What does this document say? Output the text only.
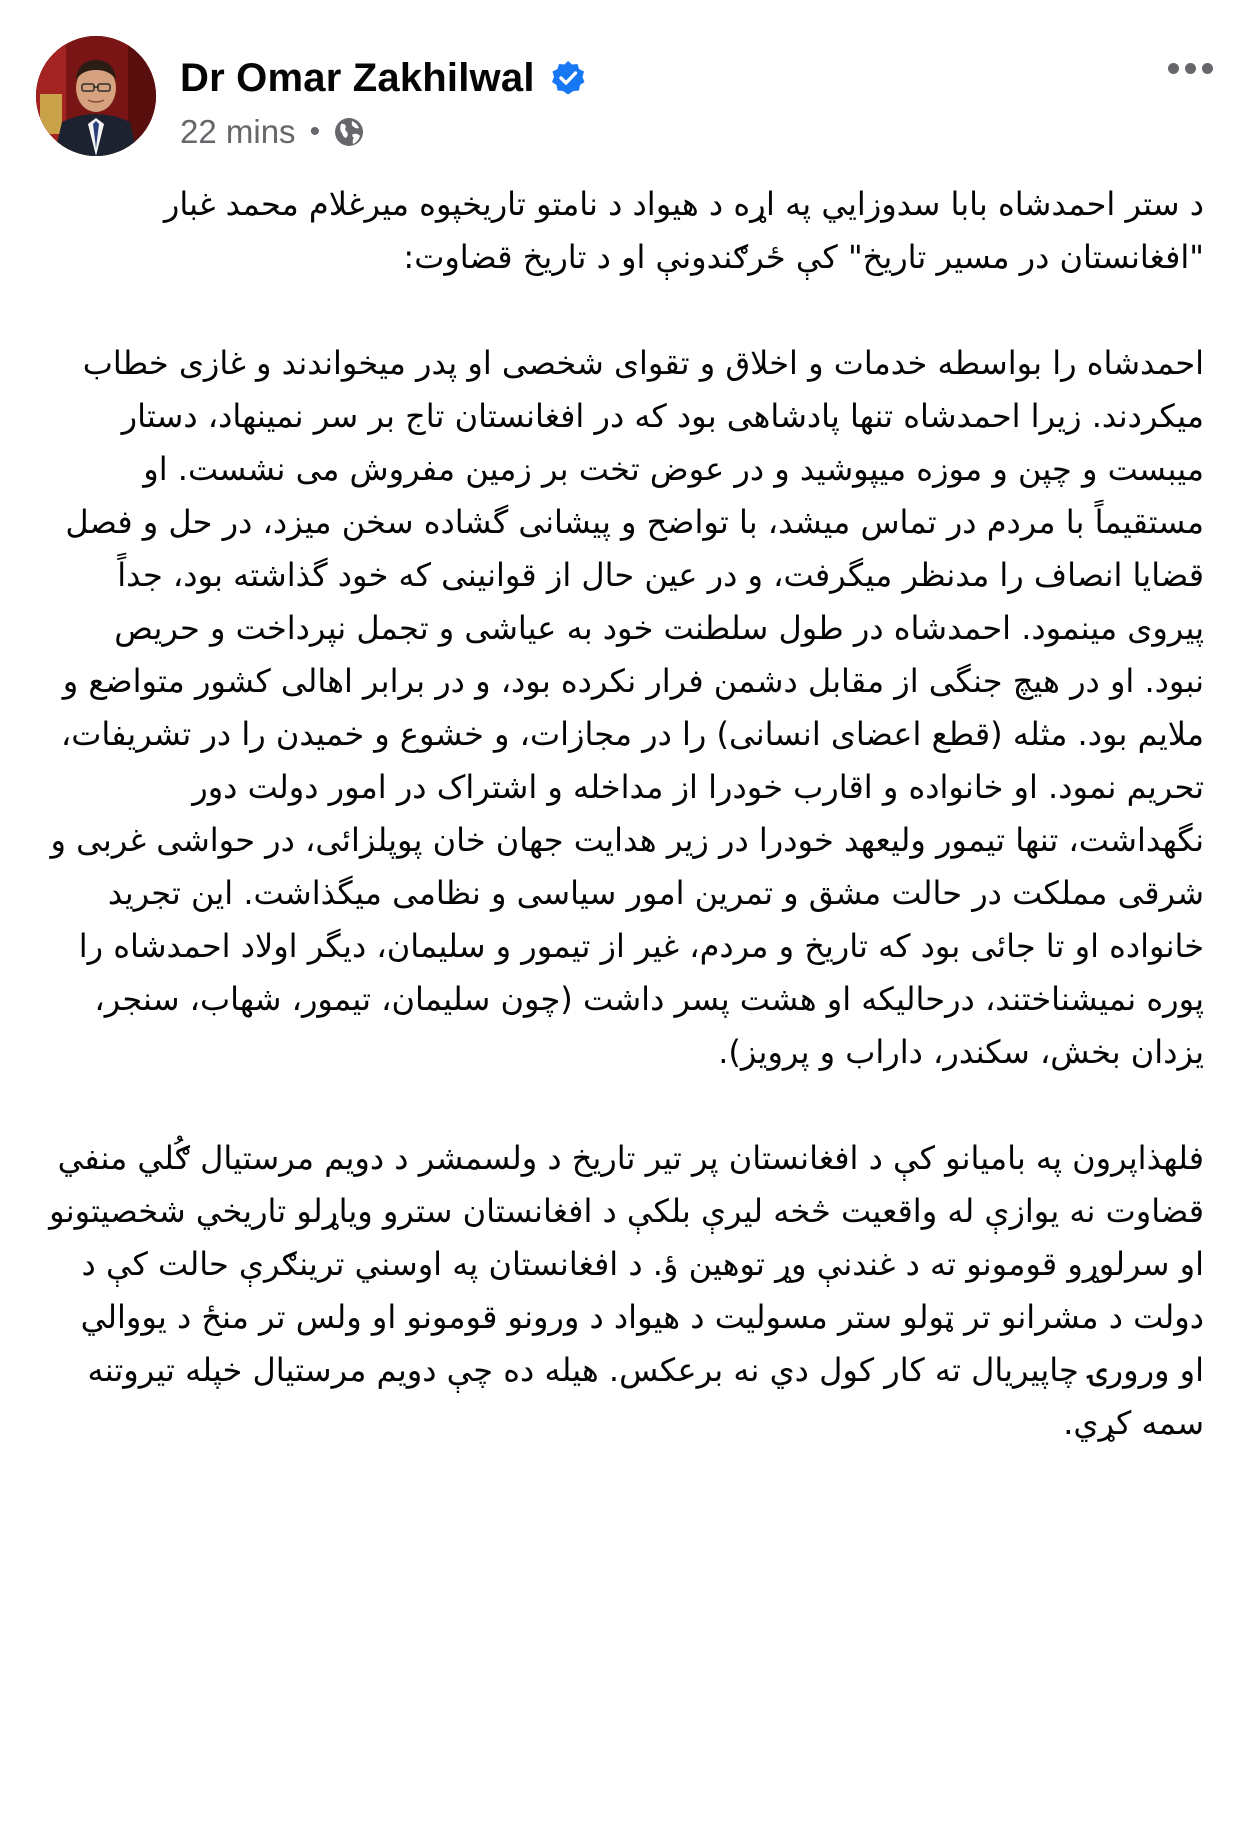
Dr Omar Zakhilwal
22 mins •

د ستر احمدشاه بابا سدوزايي په اړه د هیواد د نامتو تاریخپوه میرغلام محمد غبار "افغانستان در مسیر تاریخ" کې ځرګندونې او د تاریخ قضاوت:

احمدشاه را بواسطه خدمات و اخلاق و تقوای شخصی او پدر میخواندند و غازی خطاب میکردند. زیرا احمدشاه تنها پادشاهی بود که در افغانستان تاج بر سر نمینهاد، دستار میبست و چپن و موزه میپوشید و در عوض تخت بر زمین مفروش می نشست. او مستقیماً با مردم در تماس میشد، با تواضح و پیشانی گشاده سخن میزد، در حل و فصل قضایا انصاف را مدنظر میگرفت، و در عین حال از قوانینی که خود گذاشته بود، جداً پیروی مینمود. احمدشاه در طول سلطنت خود به عیاشی و تجمل نپرداخت و حریص نبود. او در هیچ جنگی از مقابل دشمن فرار نکرده بود، و در برابر اهالی کشور متواضع و ملایم بود. مثله (قطع اعضای انسانی) را در مجازات، و خشوع و خمیدن را در تشریفات، تحریم نمود. او خانواده و اقارب خودرا از مداخله و اشتراک در امور دولت دور نگهداشت، تنها تیمور ولیعهد خودرا در زیر هدایت جهان خان پوپلزائی، در حواشی غربی و شرقی مملکت در حالت مشق و تمرین امور سیاسی و نظامی میگذاشت. این تجرید خانواده او تا جائی بود که تاریخ و مردم، غیر از تیمور و سلیمان، دیگر اولاد احمدشاه را پوره نمیشناختند، درحالیکه او هشت پسر داشت (چون سلیمان، تیمور، شهاب، سنجر، یزدان بخش، سکندر، داراب و پرویز).

فلهذاپرون په بامیانو کې د افغانستان پر تیر تاریخ د ولسمشر د دویم مرستیال ګُلي منفي قضاوت نه یوازې له واقعیت څخه لیرې بلکې د افغانستان سترو ویاړلو تاریخي شخصیتونو او سرلوړو قومونو ته د غندنې وړ توهین ؤ. د افغانستان په اوسني ترینګرې حالت کې د دولت د مشرانو تر ټولو ستر مسولیت د هیواد د ورونو قومونو او ولس تر منځ د یووالي او ورورۍ چاپیریال ته کار کول دي نه برعکس. هیله ده چې دویم مرستیال خپله تیروتنه سمه کړي.
